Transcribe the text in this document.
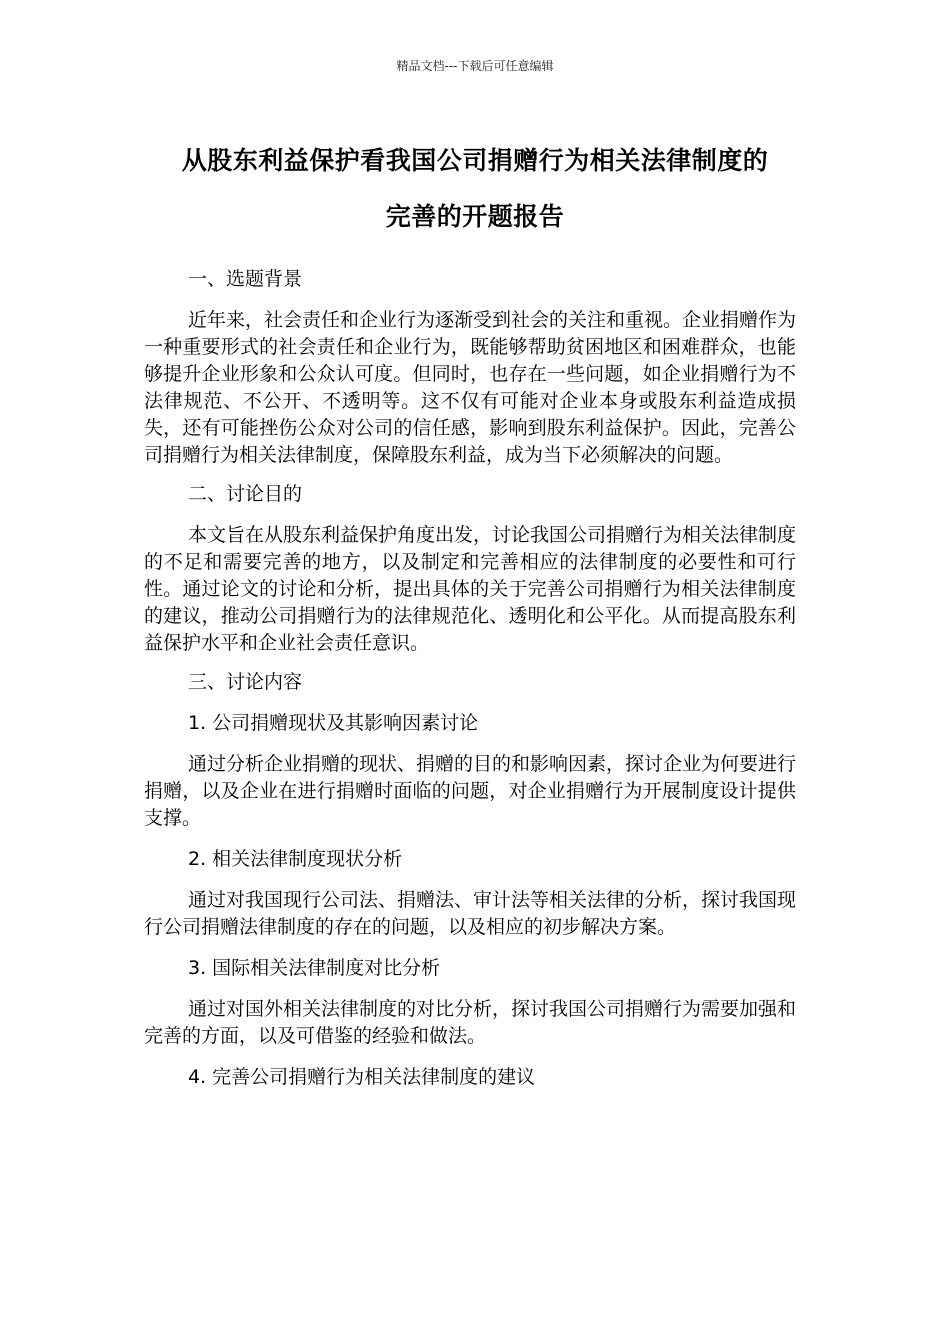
精品文档---下载后可任意编辑
从股东利益保护看我国公司捐赠行为相关法律制度的
完善的开题报告

一、选题背景

近年来，社会责任和企业行为逐渐受到社会的关注和重视。企业捐赠作为一种重要形式的社会责任和企业行为，既能够帮助贫困地区和困难群众，也能够提升企业形象和公众认可度。但同时，也存在一些问题，如企业捐赠行为不法律规范、不公开、不透明等。这不仅有可能对企业本身或股东利益造成损失，还有可能挫伤公众对公司的信任感，影响到股东利益保护。因此，完善公司捐赠行为相关法律制度，保障股东利益，成为当下必须解决的问题。

二、讨论目的

本文旨在从股东利益保护角度出发，讨论我国公司捐赠行为相关法律制度的不足和需要完善的地方，以及制定和完善相应的法律制度的必要性和可行性。通过论文的讨论和分析，提出具体的关于完善公司捐赠行为相关法律制度的建议，推动公司捐赠行为的法律规范化、透明化和公平化。从而提高股东利益保护水平和企业社会责任意识。

三、讨论内容

1. 公司捐赠现状及其影响因素讨论

通过分析企业捐赠的现状、捐赠的目的和影响因素，探讨企业为何要进行捐赠，以及企业在进行捐赠时面临的问题，对企业捐赠行为开展制度设计提供支撑。

2. 相关法律制度现状分析

通过对我国现行公司法、捐赠法、审计法等相关法律的分析，探讨我国现行公司捐赠法律制度的存在的问题，以及相应的初步解决方案。

3. 国际相关法律制度对比分析

通过对国外相关法律制度的对比分析，探讨我国公司捐赠行为需要加强和完善的方面，以及可借鉴的经验和做法。

4. 完善公司捐赠行为相关法律制度的建议
